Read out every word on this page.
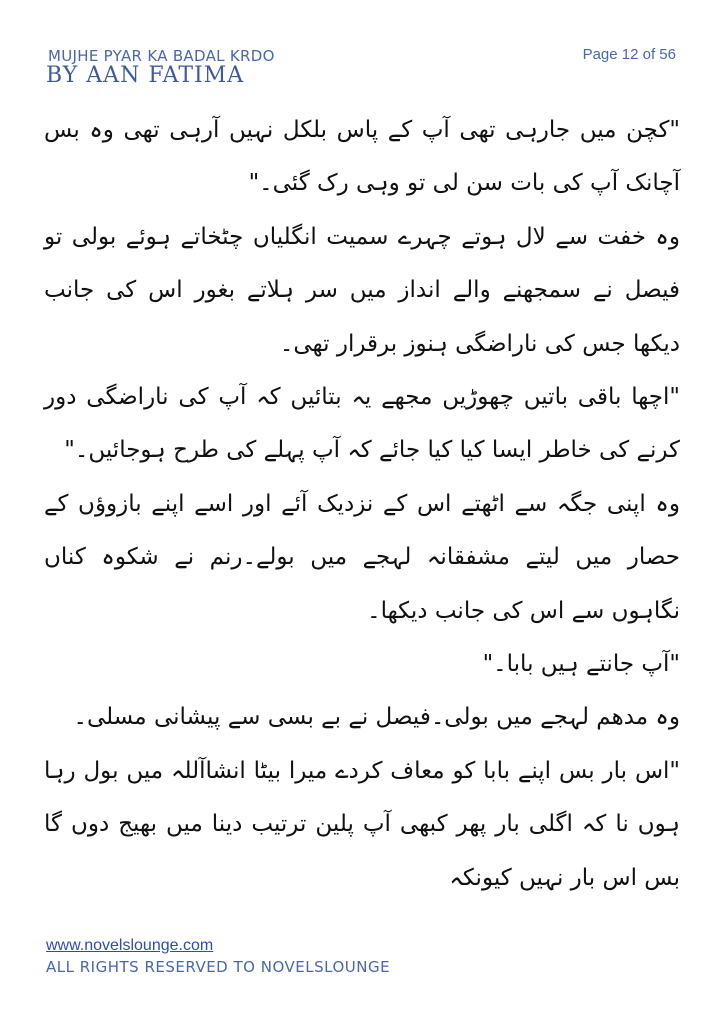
MUJHE PYAR KA BADAL KRDO
BY AAN FATIMA
Page 12 of 56

"کچن میں جارہی تھی آپ کے پاس بلکل نہیں آرہی تھی وہ بس آچانک آپ کی بات سن لی تو وہی رک گئی۔"

وہ خفت سے لال ہوتے چہرے سمیت انگلیاں چٹخاتے ہوئے بولی تو فیصل نے سمجھنے والے انداز میں سر ہلاتے بغور اس کی جانب دیکھا جس کی ناراضگی ہنوز برقرار تھی۔

"اچھا باقی باتیں چھوڑیں مجھے یہ بتائیں کہ آپ کی ناراضگی دور کرنے کی خاطر ایسا کیا کیا جائے کہ آپ پہلے کی طرح ہوجائیں۔"

وہ اپنی جگہ سے اٹھتے اس کے نزدیک آئے اور اسے اپنے بازوؤں کے حصار میں لیتے مشفقانہ لہجے میں بولے۔رنم نے شکوہ کناں نگاہوں سے اس کی جانب دیکھا۔

"آپ جانتے ہیں بابا۔"

وہ مدھم لہجے میں بولی۔فیصل نے بے بسی سے پیشانی مسلی۔

"اس بار بس اپنے بابا کو معاف کردے میرا بیٹا انشاآللہ میں بول رہا ہوں نا کہ اگلی بار پھر کبھی آپ پلین ترتیب دینا میں بھیج دوں گا بس اس بار نہیں کیونکہ

www.novelslounge.com
ALL RIGHTS RESERVED TO NOVELSLOUNGE
